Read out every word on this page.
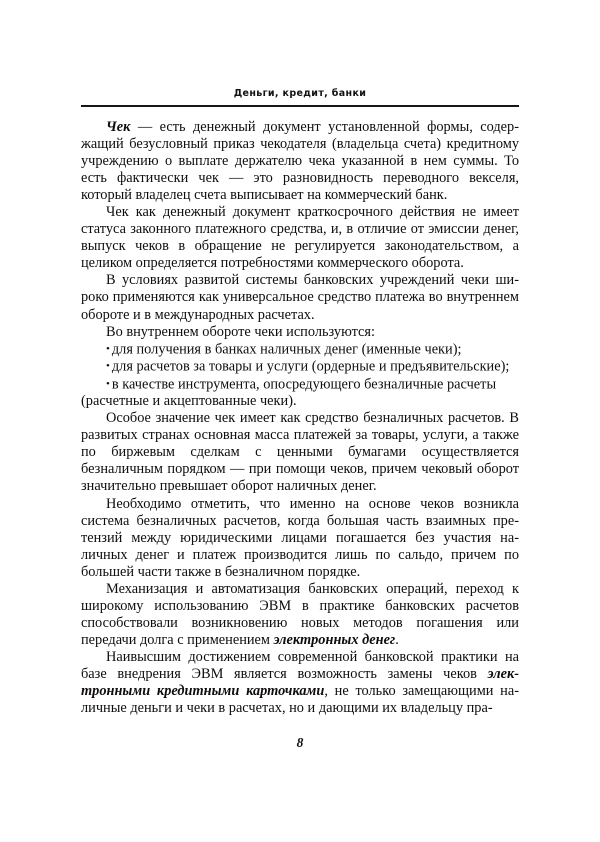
Деньги, кредит, банки

Чек — есть денежный документ установленной формы, содержащий безусловный приказ чекодателя (владельца счета) кредитному учреждению о выплате держателю чека указанной в нем суммы. То есть фактически чек — это разновидность переводного векселя, который владелец счета выписывает на коммерческий банк.

Чек как денежный документ краткосрочного действия не имеет статуса законного платежного средства, и, в отличие от эмиссии денег, выпуск чеков в обращение не регулируется законодательством, а целиком определяется потребностями коммерческого оборота.

В условиях развитой системы банковских учреждений чеки широко применяются как универсальное средство платежа во внутреннем обороте и в международных расчетах.

Во внутреннем обороте чеки используются:

• для получения в банках наличных денег (именные чеки);

• для расчетов за товары и услуги (ордерные и предъявительские);

• в качестве инструмента, опосредующего безналичные расчеты

(расчетные и акцептованные чеки).

Особое значение чек имеет как средство безналичных расчетов. В развитых странах основная масса платежей за товары, услуги, а также по биржевым сделкам с ценными бумагами осуществляется безналичным порядком — при помощи чеков, причем чековый оборот значительно превышает оборот наличных денег.

Необходимо отметить, что именно на основе чеков возникла система безналичных расчетов, когда большая часть взаимных претензий между юридическими лицами погашается без участия наличных денег и платеж производится лишь по сальдо, причем по большей части также в безналичном порядке.

Механизация и автоматизация банковских операций, переход к широкому использованию ЭВМ в практике банковских расчетов способствовали возникновению новых методов погашения или передачи долга с применением электронных денег.

Наивысшим достижением современной банковской практики на базе внедрения ЭВМ является возможность замены чеков электронными кредитными карточками, не только замещающими наличные деньги и чеки в расчетах, но и дающими их владельцу пра-

8
